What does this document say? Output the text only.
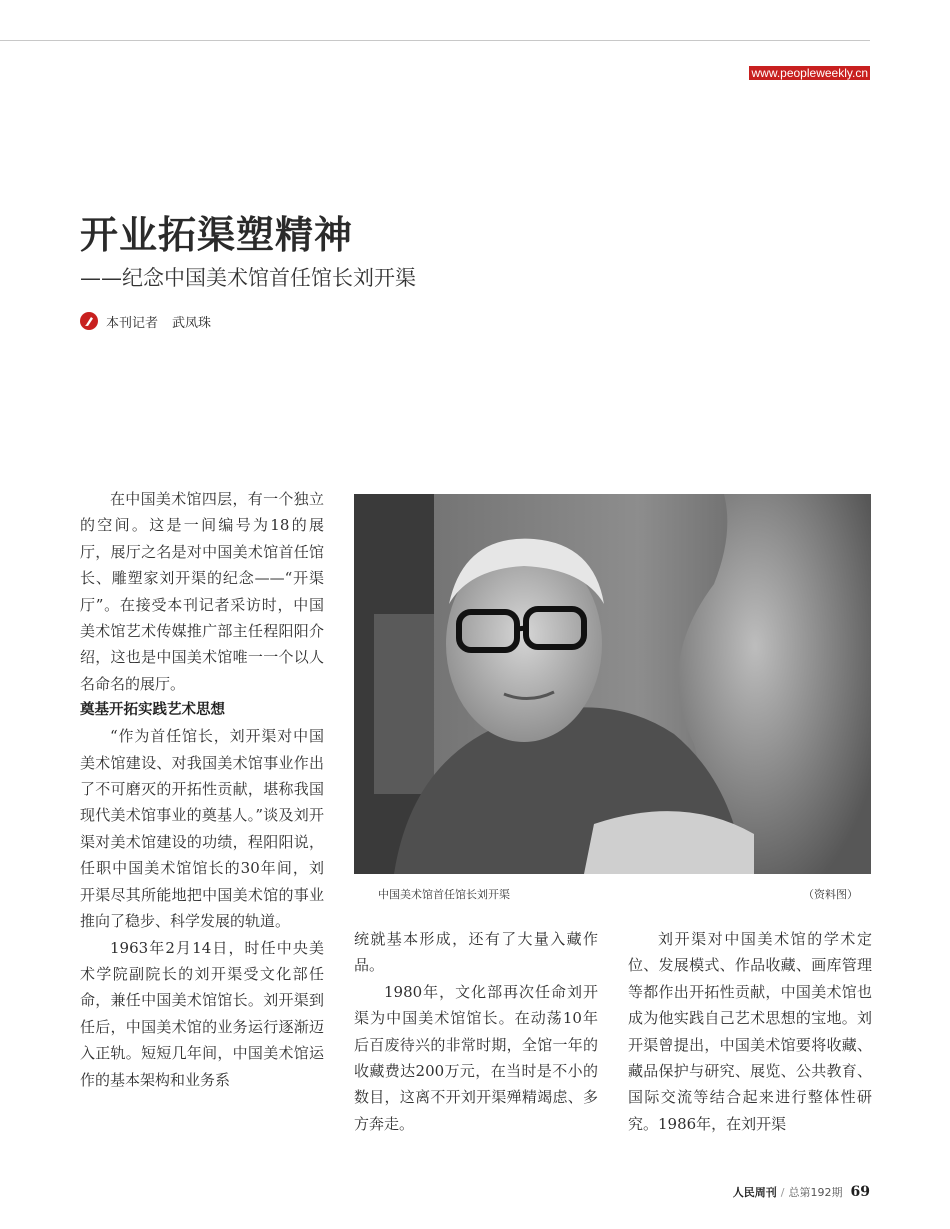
www.peopleweekly.cn
开业拓渠塑精神
——纪念中国美术馆首任馆长刘开渠
本刊记者 武凤珠

在中国美术馆四层，有一个独立的空间。这是一间编号为18的展厅，展厅之名是对中国美术馆首任馆长、雕塑家刘开渠的纪念——“开渠厅”。在接受本刊记者采访时，中国美术馆艺术传媒推广部主任程阳阳介绍，这也是中国美术馆唯一一个以人名命名的展厅。

奠基开拓实践艺术思想

“作为首任馆长，刘开渠对中国美术馆建设、对我国美术馆事业作出了不可磨灭的开拓性贡献，堪称我国现代美术馆事业的奠基人。”谈及刘开渠对美术馆建设的功绩，程阳阳说，任职中国美术馆馆长的30年间，刘开渠尽其所能地把中国美术馆的事业推向了稳步、科学发展的轨道。

1963年2月14日，时任中央美术学院副院长的刘开渠受文化部任命，兼任中国美术馆馆长。刘开渠到任后，中国美术馆的业务运行逐渐迈入正轨。短短几年间，中国美术馆运作的基本架构和业务系

中国美术馆首任馆长刘开渠	（资料图）

统就基本形成，还有了大量入藏作品。

1980年，文化部再次任命刘开渠为中国美术馆馆长。在动荡10年后百废待兴的非常时期，全馆一年的收藏费达200万元，在当时是不小的数目，这离不开刘开渠殚精竭虑、多方奔走。

刘开渠对中国美术馆的学术定位、发展模式、作品收藏、画库管理等都作出开拓性贡献，中国美术馆也成为他实践自己艺术思想的宝地。刘开渠曾提出，中国美术馆要将收藏、藏品保护与研究、展览、公共教育、国际交流等结合起来进行整体性研究。1986年，在刘开渠

人民周刊 / 总第192期 69
